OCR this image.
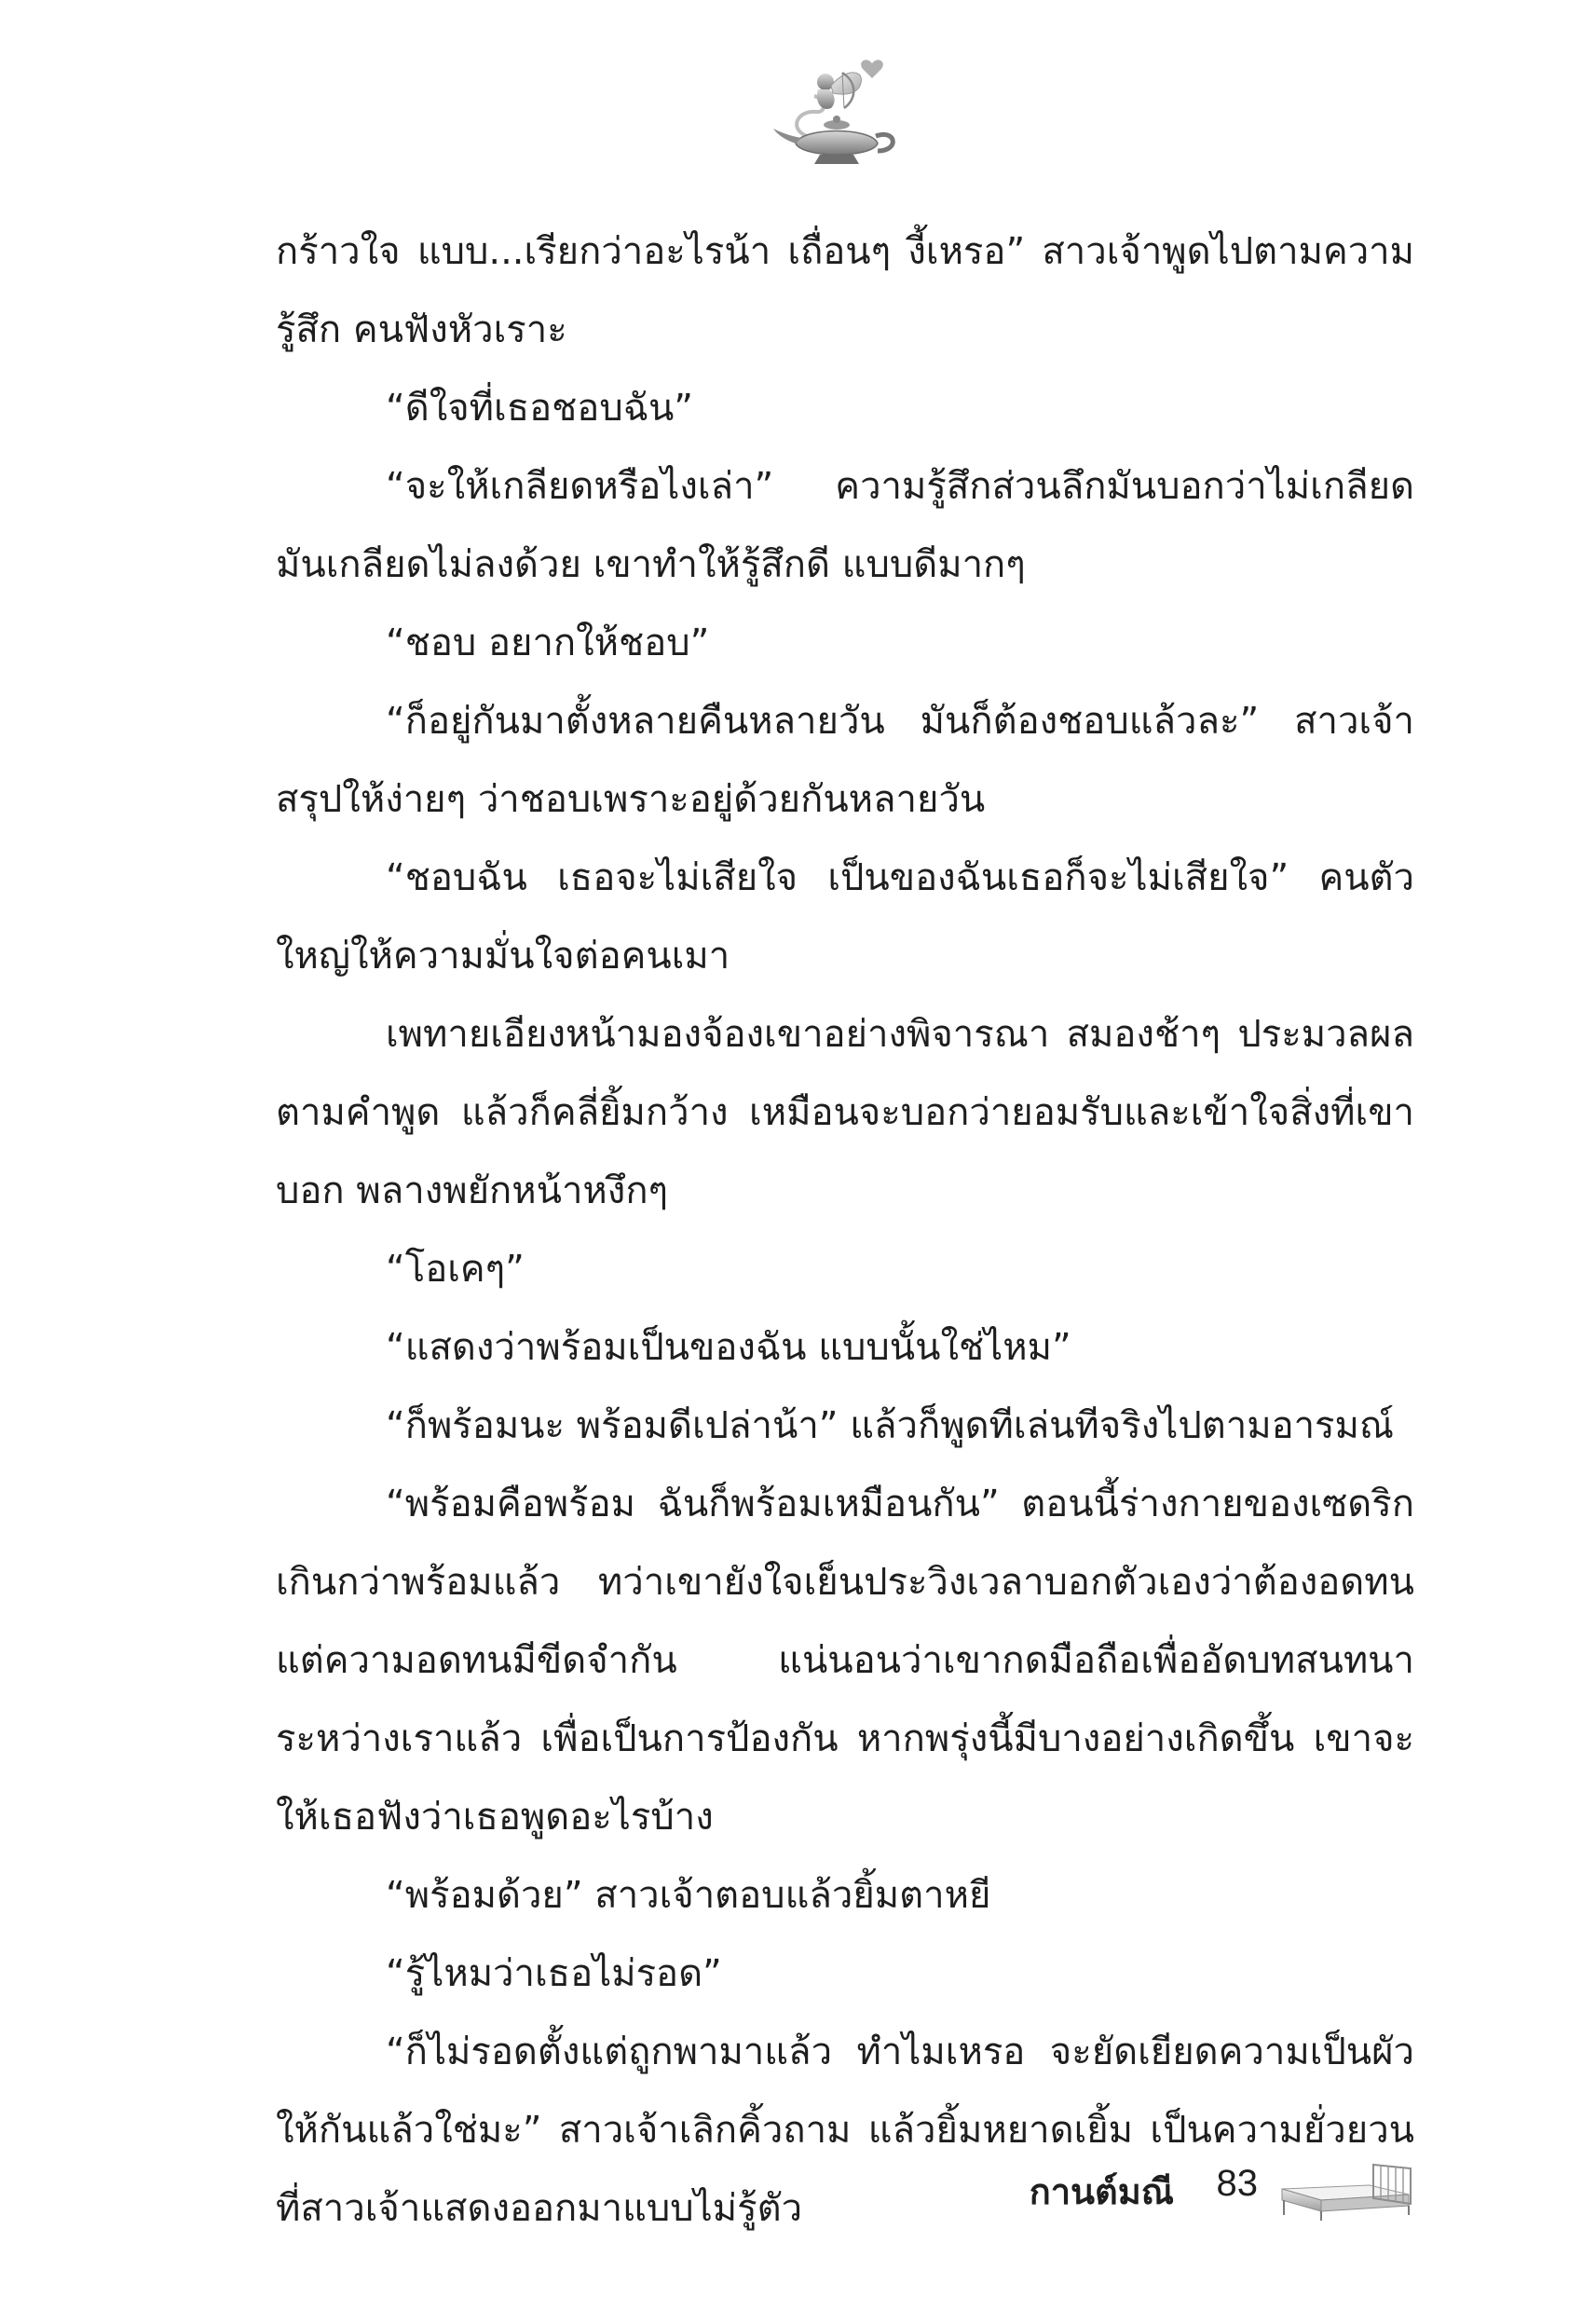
กร้าวใจ แบบ...เรียกว่าอะไรน้า เถื่อนๆ งี้เหรอ” สาวเจ้าพูดไปตามความรู้สึก คนฟังหัวเราะ

“ดีใจที่เธอชอบฉัน”

“จะให้เกลียดหรือไงเล่า” ความรู้สึกส่วนลึกมันบอกว่าไม่เกลียด มันเกลียดไม่ลงด้วย เขาทำให้รู้สึกดี แบบดีมากๆ

“ชอบ อยากให้ชอบ”

“ก็อยู่กันมาตั้งหลายคืนหลายวัน มันก็ต้องชอบแล้วละ” สาวเจ้าสรุปให้ง่ายๆ ว่าชอบเพราะอยู่ด้วยกันหลายวัน

“ชอบฉัน เธอจะไม่เสียใจ เป็นของฉันเธอก็จะไม่เสียใจ” คนตัวใหญ่ให้ความมั่นใจต่อคนเมา

เพทายเอียงหน้ามองจ้องเขาอย่างพิจารณา สมองช้าๆ ประมวลผลตามคำพูด แล้วก็คลี่ยิ้มกว้าง เหมือนจะบอกว่ายอมรับและเข้าใจสิ่งที่เขาบอก พลางพยักหน้าหงึกๆ

“โอเคๆ”

“แสดงว่าพร้อมเป็นของฉัน แบบนั้นใช่ไหม”

“ก็พร้อมนะ พร้อมดีเปล่าน้า” แล้วก็พูดทีเล่นทีจริงไปตามอารมณ์

“พร้อมคือพร้อม ฉันก็พร้อมเหมือนกัน” ตอนนี้ร่างกายของเซดริกเกินกว่าพร้อมแล้ว ทว่าเขายังใจเย็นประวิงเวลาบอกตัวเองว่าต้องอดทน แต่ความอดทนมีขีดจำกัน แน่นอนว่าเขากดมือถือเพื่ออัดบทสนทนาระหว่างเราแล้ว เพื่อเป็นการป้องกัน หากพรุ่งนี้มีบางอย่างเกิดขึ้น เขาจะให้เธอฟังว่าเธอพูดอะไรบ้าง

“พร้อมด้วย” สาวเจ้าตอบแล้วยิ้มตาหยี

“รู้ไหมว่าเธอไม่รอด”

“ก็ไม่รอดตั้งแต่ถูกพามาแล้ว ทำไมเหรอ จะยัดเยียดความเป็นผัวให้กันแล้วใช่มะ” สาวเจ้าเลิกคิ้วถาม แล้วยิ้มหยาดเยิ้ม เป็นความยั่วยวนที่สาวเจ้าแสดงออกมาแบบไม่รู้ตัว	กานต์มณี 83
